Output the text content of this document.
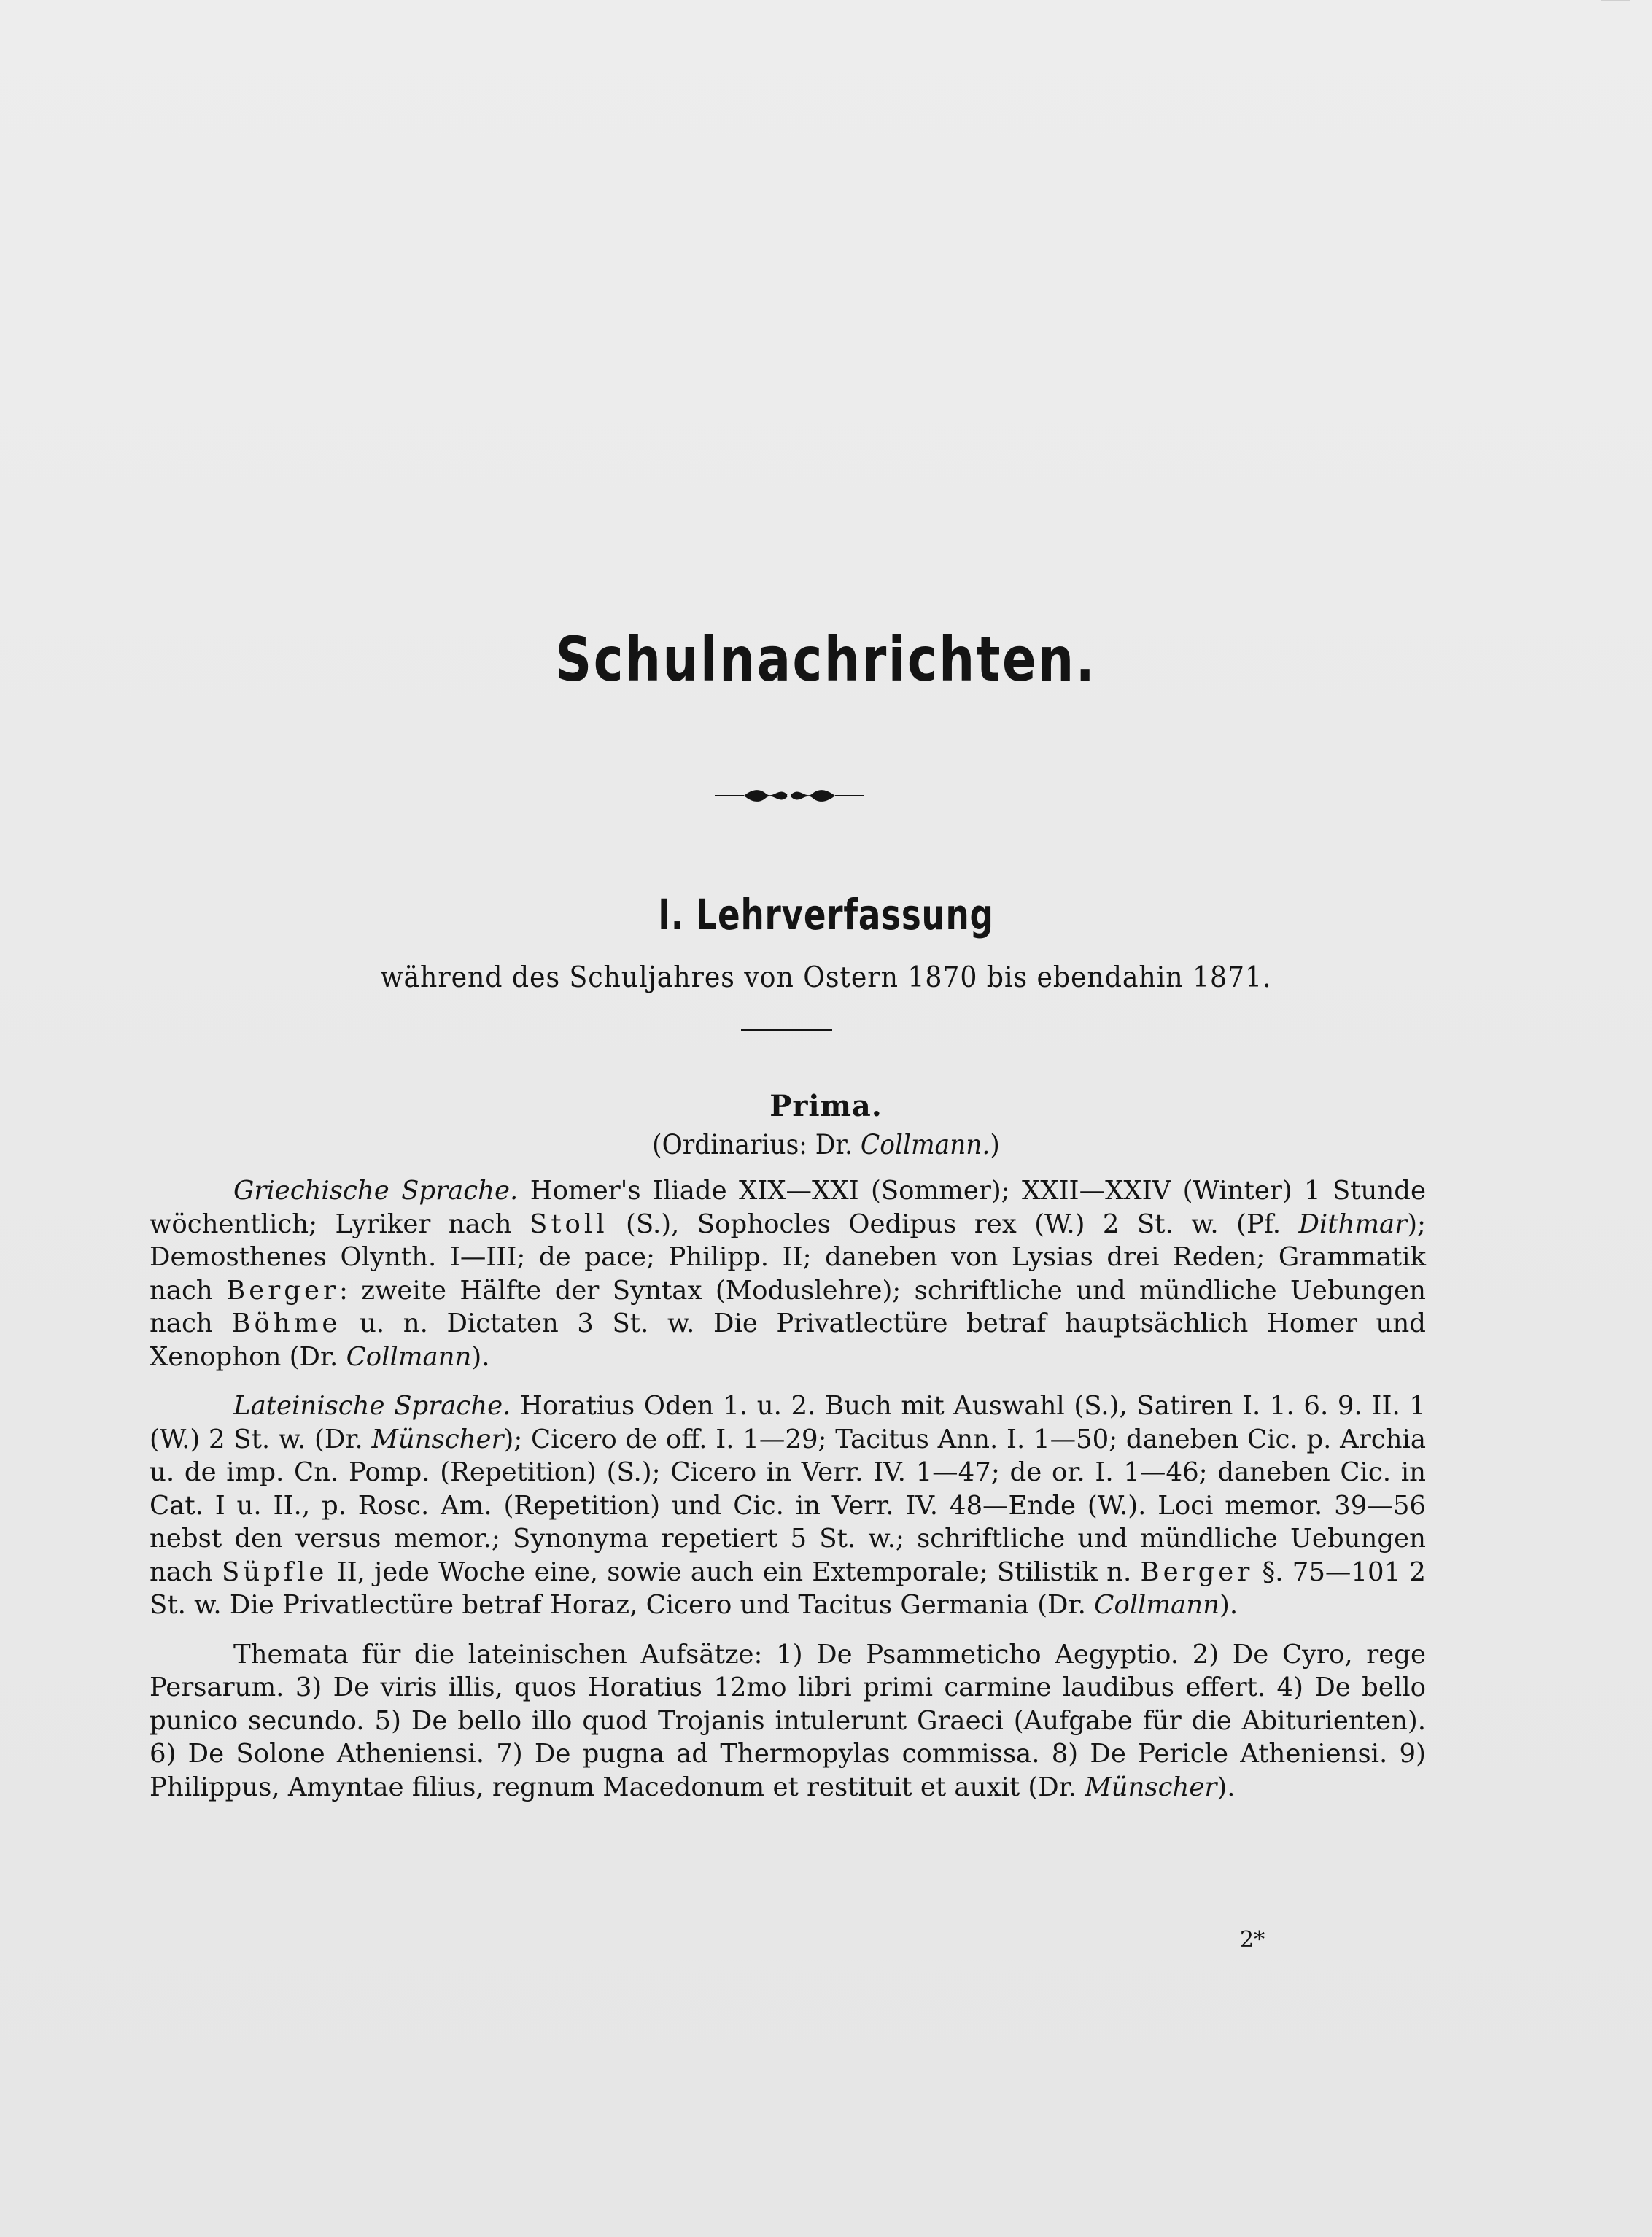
Schulnachrichten.
I. Lehrverfassung
während des Schuljahres von Ostern 1870 bis ebendahin 1871.
Prima.
(Ordinarius: Dr. Collmann.)

Griechische Sprache. Homer's Iliade XIX—XXI (Sommer); XXII—XXIV (Winter) 1 Stunde wöchentlich; Lyriker nach Stoll (S.), Sophocles Oedipus rex (W.) 2 St. w. (Pf. Dithmar); Demosthenes Olynth. I—III; de pace; Philipp. II; daneben von Lysias drei Reden; Grammatik nach Berger: zweite Hälfte der Syntax (Moduslehre); schriftliche und mündliche Uebungen nach Böhme u. n. Dictaten 3 St. w. Die Privatlectüre betraf hauptsächlich Homer und Xenophon (Dr. Collmann).

Lateinische Sprache. Horatius Oden 1. u. 2. Buch mit Auswahl (S.), Satiren I. 1. 6. 9. II. 1 (W.) 2 St. w. (Dr. Münscher); Cicero de off. I. 1—29; Tacitus Ann. I. 1—50; daneben Cic. p. Archia u. de imp. Cn. Pomp. (Repetition) (S.); Cicero in Verr. IV. 1—47; de or. I. 1—46; daneben Cic. in Cat. I u. II., p. Rosc. Am. (Repetition) und Cic. in Verr. IV. 48—Ende (W.). Loci memor. 39—56 nebst den versus memor.; Synonyma repetiert 5 St. w.; schriftliche und mündliche Uebungen nach Süpfle II, jede Woche eine, sowie auch ein Extemporale; Stilistik n. Berger §. 75—101 2 St. w. Die Privatlectüre betraf Horaz, Cicero und Tacitus Germania (Dr. Collmann).

Themata für die lateinischen Aufsätze: 1) De Psammeticho Aegyptio. 2) De Cyro, rege Persarum. 3) De viris illis, quos Horatius 12mo libri primi carmine laudibus effert. 4) De bello punico secundo. 5) De bello illo quod Trojanis intulerunt Graeci (Aufgabe für die Abiturienten). 6) De Solone Atheniensi. 7) De pugna ad Thermopylas commissa. 8) De Pericle Atheniensi. 9) Philippus, Amyntae filius, regnum Macedonum et restituit et auxit (Dr. Münscher).

2*
